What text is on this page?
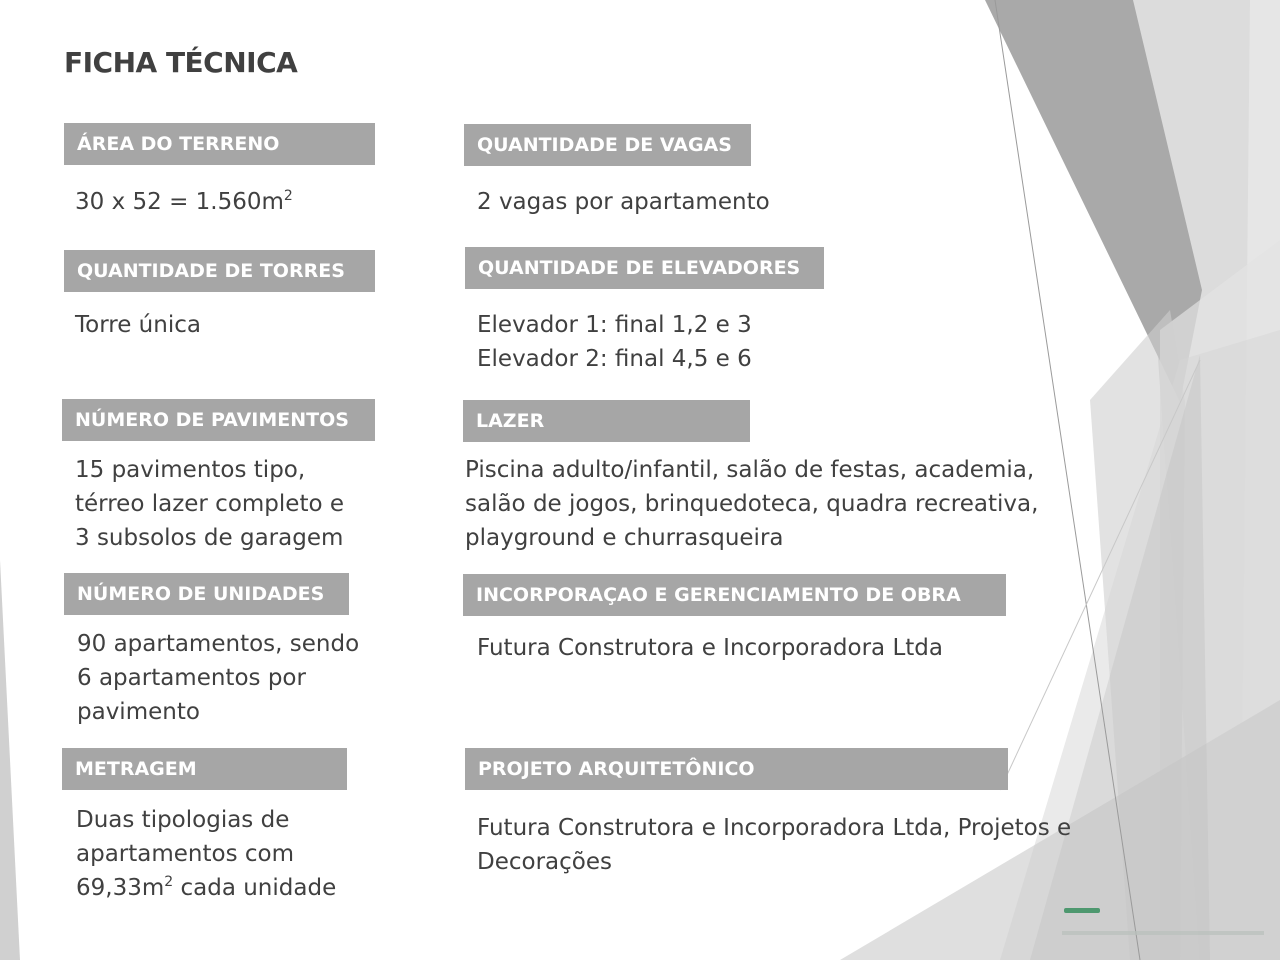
FICHA TÉCNICA
ÁREA DO TERRENO
30 x $52 = 1.560m^2$
QUANTIDADE DE TORRES
Torre única
NÚMERO DE PAVIMENTOS
15 pavimentos tipo,
térreo lazer completo e
3 subsolos de garagem
NÚMERO DE UNIDADES
90 apartamentos, sendo
6 apartamentos por
pavimento
METRAGEM
Duas tipologias de
apartamentos com
$69,33m^2$ cada unidade
QUANTIDADE DE VAGAS
2 vagas por apartamento
QUANTIDADE DE ELEVADORES
Elevador 1: final 1,2 e 3
Elevador 2: final 4,5 e 6
LAZER
Piscina adulto/infantil, salão de festas, academia,
salão de jogos, brinquedoteca, quadra recreativa,
playground e churrasqueira
INCORPORAÇAO E GERENCIAMENTO DE OBRA
Futura Construtora e Incorporadora Ltda
PROJETO ARQUITETÔNICO
Futura Construtora e Incorporadora Ltda, Projetos e
Decorações
